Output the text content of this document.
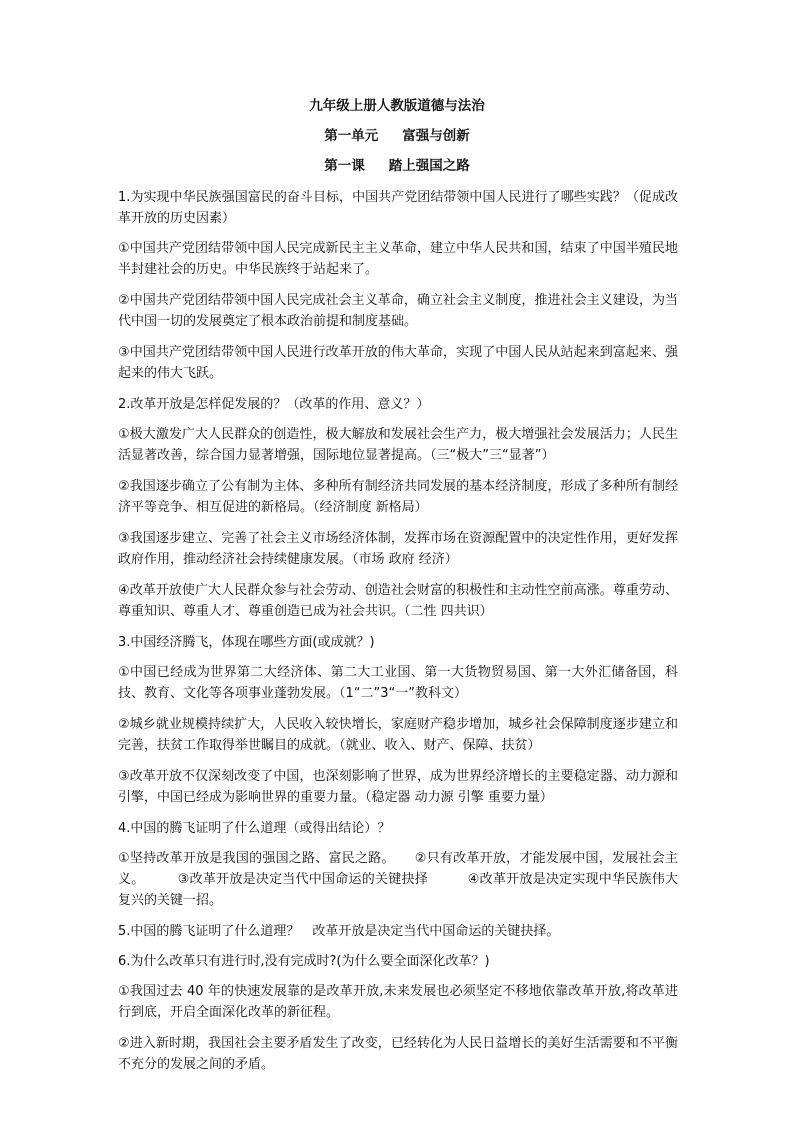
九年级上册人教版道德与法治
第一单元 富强与创新
第一课 踏上强国之路

1.为实现中华民族强国富民的奋斗目标，中国共产党团结带领中国人民进行了哪些实践？（促成改革开放的历史因素）

①中国共产党团结带领中国人民完成新民主主义革命，建立中华人民共和国，结束了中国半殖民地半封建社会的历史。中华民族终于站起来了。

②中国共产党团结带领中国人民完成社会主义革命，确立社会主义制度，推进社会主义建设，为当代中国一切的发展奠定了根本政治前提和制度基础。

③中国共产党团结带领中国人民进行改革开放的伟大革命，实现了中国人民从站起来到富起来、强起来的伟大飞跃。

2.改革开放是怎样促发展的？（改革的作用、意义？）

①极大激发广大人民群众的创造性，极大解放和发展社会生产力，极大增强社会发展活力；人民生活显著改善，综合国力显著增强，国际地位显著提高。（三“极大”三“显著”）

②我国逐步确立了公有制为主体、多种所有制经济共同发展的基本经济制度，形成了多种所有制经济平等竞争、相互促进的新格局。（经济制度 新格局）

③我国逐步建立、完善了社会主义市场经济体制，发挥市场在资源配置中的决定性作用，更好发挥政府作用，推动经济社会持续健康发展。（市场 政府 经济）

④改革开放使广大人民群众参与社会劳动、创造社会财富的积极性和主动性空前高涨。尊重劳动、尊重知识、尊重人才、尊重创造已成为社会共识。（二性 四共识）

3.中国经济腾飞，体现在哪些方面(或成就？)

①中国已经成为世界第二大经济体、第二大工业国、第一大货物贸易国、第一大外汇储备国，科技、教育、文化等各项事业蓬勃发展。（1“二”3“一”教科文）

②城乡就业规模持续扩大，人民收入较快增长，家庭财产稳步增加，城乡社会保障制度逐步建立和完善，扶贫工作取得举世瞩目的成就。（就业、收入、财产、保障、扶贫）

③改革开放不仅深刻改变了中国，也深刻影响了世界，成为世界经济增长的主要稳定器、动力源和引擎，中国已经成为影响世界的重要力量。（稳定器 动力源 引擎 重要力量）

4.中国的腾飞证明了什么道理（或得出结论）？

①坚持改革开放是我国的强国之路、富民之路。　　②只有改革开放，才能发展中国，发展社会主义。　　　③改革开放是决定当代中国命运的关键抉择　　　④改革开放是决定实现中华民族伟大复兴的关键一招。

5.中国的腾飞证明了什么道理？　改革开放是决定当代中国命运的关键抉择。

6.为什么改革只有进行时,没有完成时?(为什么要全面深化改革？)

①我国过去 40 年的快速发展靠的是改革开放,未来发展也必须坚定不移地依靠改革开放,将改革进行到底，开启全面深化改革的新征程。

②进入新时期，我国社会主要矛盾发生了改变，已经转化为人民日益增长的美好生活需要和不平衡不充分的发展之间的矛盾。
